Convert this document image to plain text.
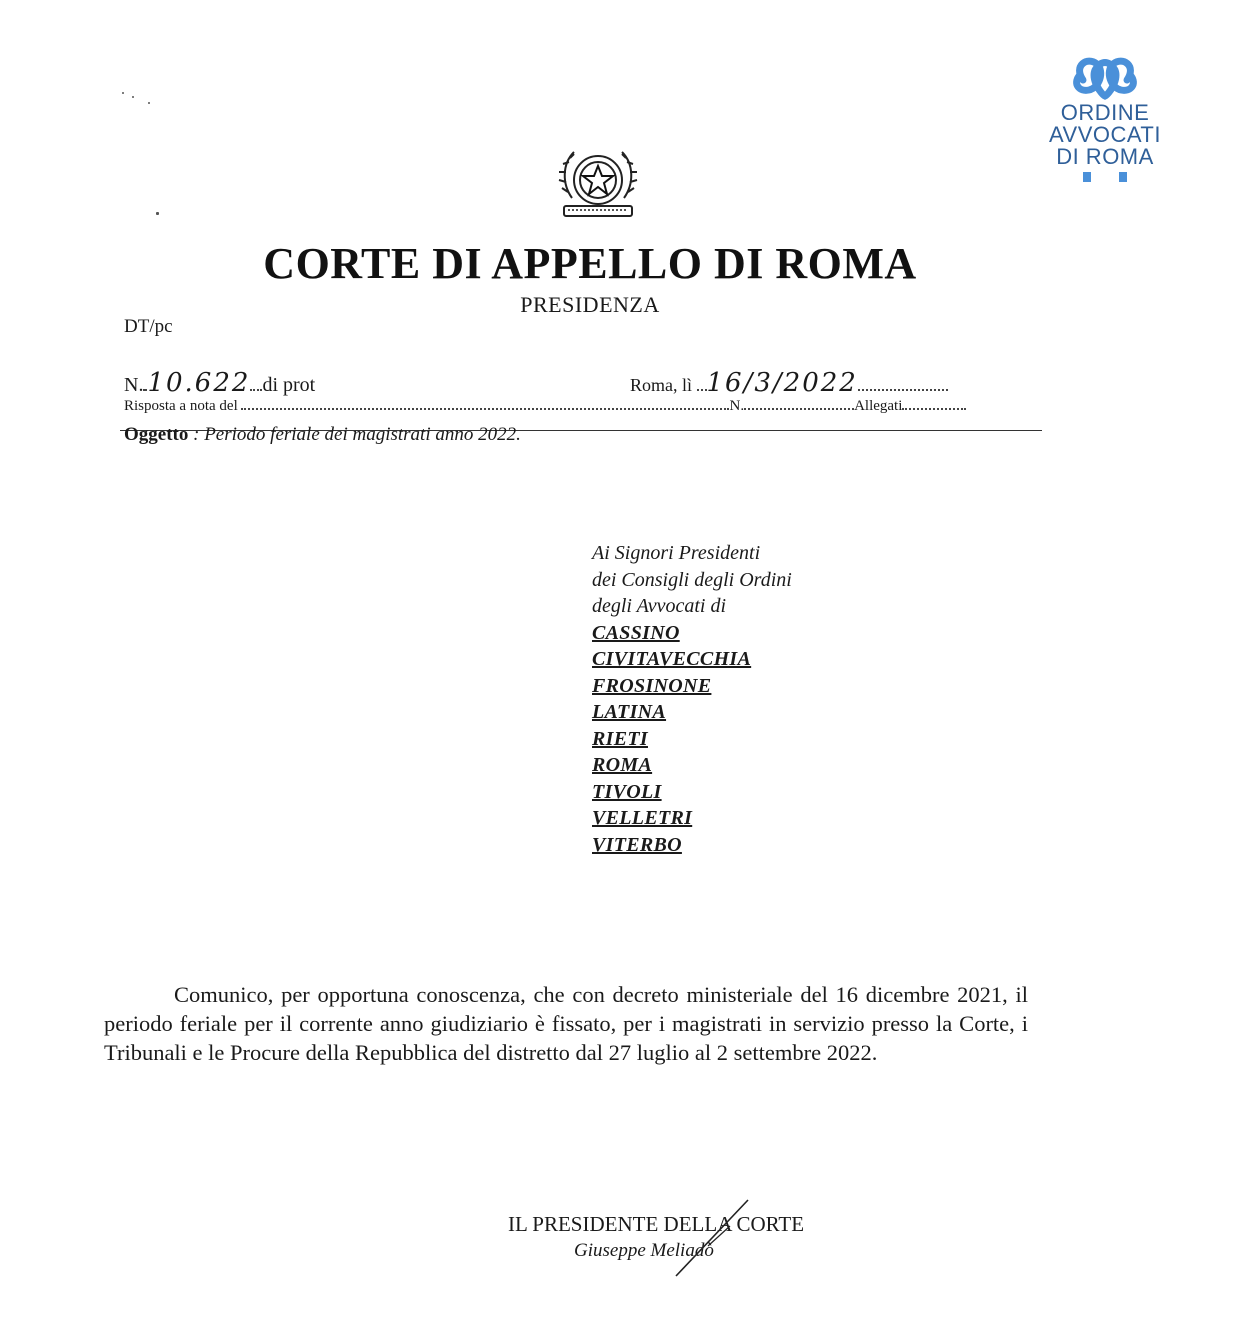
ORDINE
AVVOCATI
DI ROMA
CORTE DI APPELLO DI ROMA
PRESIDENZA
DT/pc
N. 10.622 di prot	Roma, lì 16/3/2022
Risposta a nota del	N.	Allegati
Oggetto : Periodo feriale dei magistrati anno 2022.
Ai Signori Presidenti
dei Consigli degli Ordini
degli Avvocati di
CASSINO
CIVITAVECCHIA
FROSINONE
LATINA
RIETI
ROMA
TIVOLI
VELLETRI
VITERBO

Comunico, per opportuna conoscenza, che con decreto ministeriale del 16 dicembre 2021, il periodo feriale per il corrente anno giudiziario è fissato, per i magistrati in servizio presso la Corte, i Tribunali e le Procure della Repubblica del distretto dal 27 luglio al 2 settembre 2022.

IL PRESIDENTE DELLA CORTE
Giuseppe Meliadò
